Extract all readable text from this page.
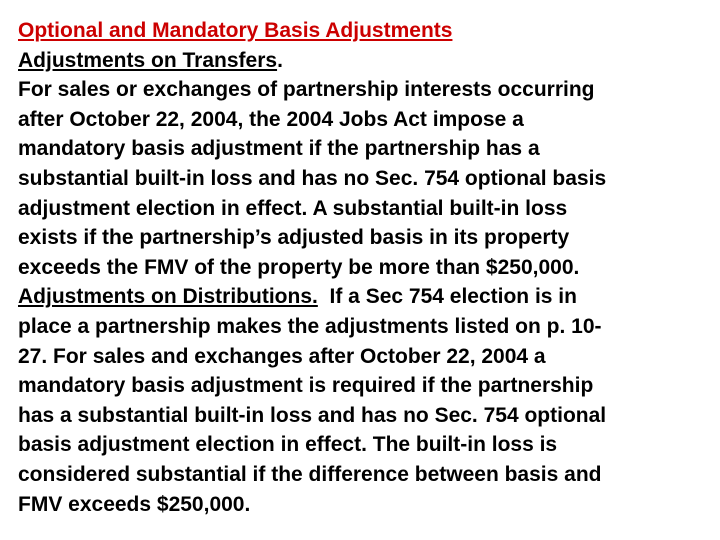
Optional and Mandatory Basis Adjustments
Adjustments on Transfers.
For sales or exchanges of partnership interests occurring
after October 22, 2004, the 2004 Jobs Act impose a
mandatory basis adjustment if the partnership has a
substantial built-in loss and has no Sec. 754 optional basis
adjustment election in effect. A substantial built-in loss
exists if the partnership’s adjusted basis in its property
exceeds the FMV of the property be more than $250,000.
Adjustments on Distributions.  If a Sec 754 election is in
place a partnership makes the adjustments listed on p. 10-
27. For sales and exchanges after October 22, 2004 a
mandatory basis adjustment is required if the partnership
has a substantial built-in loss and has no Sec. 754 optional
basis adjustment election in effect. The built-in loss is
considered substantial if the difference between basis and
FMV exceeds $250,000.
